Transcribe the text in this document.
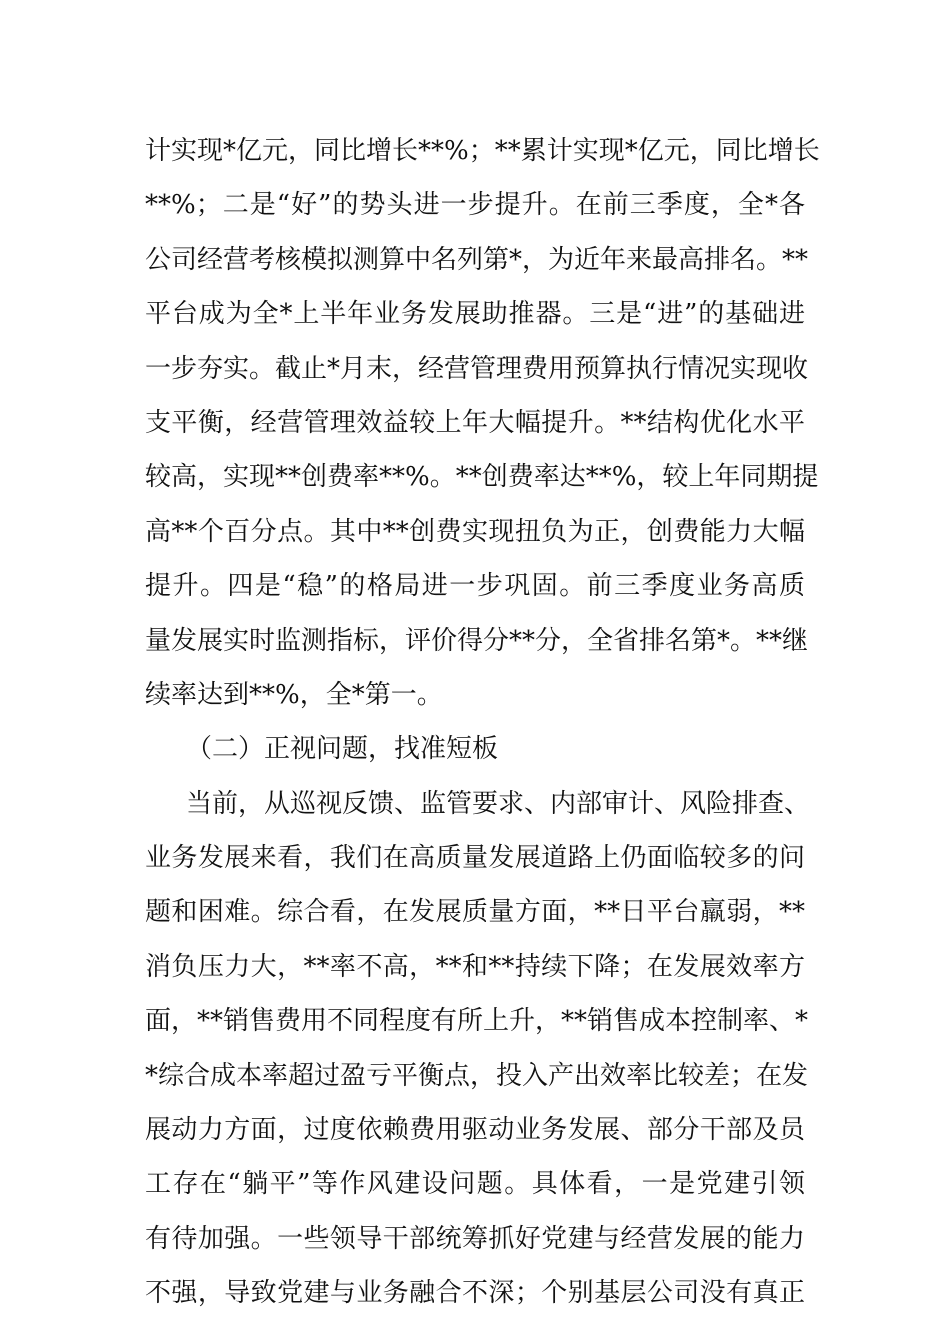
计实现*亿元，同比增长**%；**累计实现*亿元，同比增长
**%；二是“好”的势头进一步提升。在前三季度，全*各
公司经营考核模拟测算中名列第*，为近年来最高排名。**
平台成为全*上半年业务发展助推器。三是“进”的基础进
一步夯实。截止*月末，经营管理费用预算执行情况实现收
支平衡，经营管理效益较上年大幅提升。**结构优化水平
较高，实现**创费率**%。**创费率达**%，较上年同期提
高**个百分点。其中**创费实现扭负为正，创费能力大幅
提升。四是“稳”的格局进一步巩固。前三季度业务高质
量发展实时监测指标，评价得分**分，全省排名第*。**继
续率达到**%，全*第一。
（二）正视问题，找准短板
当前，从巡视反馈、监管要求、内部审计、风险排查、
业务发展来看，我们在高质量发展道路上仍面临较多的问
题和困难。综合看，在发展质量方面，**日平台羸弱，**
消负压力大，**率不高，**和**持续下降；在发展效率方
面，**销售费用不同程度有所上升，**销售成本控制率、*
*综合成本率超过盈亏平衡点，投入产出效率比较差；在发
展动力方面，过度依赖费用驱动业务发展、部分干部及员
工存在“躺平”等作风建设问题。具体看，一是党建引领
有待加强。一些领导干部统筹抓好党建与经营发展的能力
不强，导致党建与业务融合不深；个别基层公司没有真正
